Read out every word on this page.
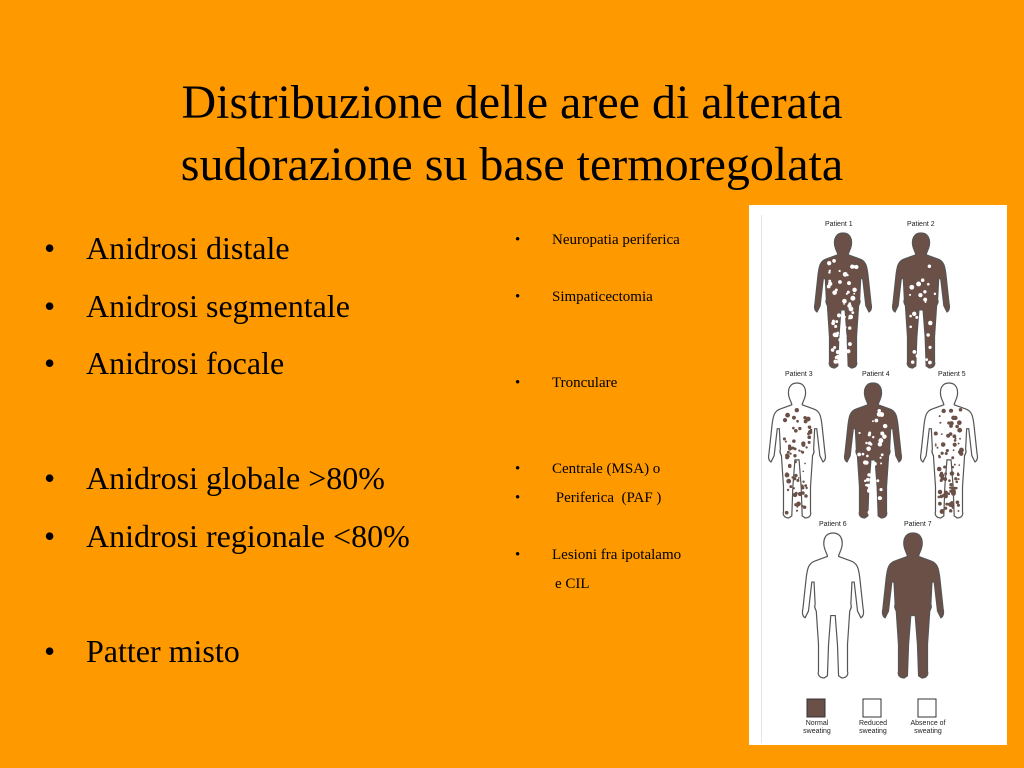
Distribuzione delle aree di alterata
sudorazione su base termoregolata
• Anidrosi distale
• Anidrosi segmentale
• Anidrosi focale
• Anidrosi globale >80%
• Anidrosi regionale <80%
• Patter misto
• Neuropatia periferica
• Simpaticectomia
• Tronculare
• Centrale (MSA) o
• Periferica  (PAF )
• Lesioni fra ipotalamo
e CIL
Patient 1	Patient 2
Patient 3	Patient 4	Patient 5
Patient 6	Patient 7
Normal
sweating
Reduced
sweating
Absence of
sweating
